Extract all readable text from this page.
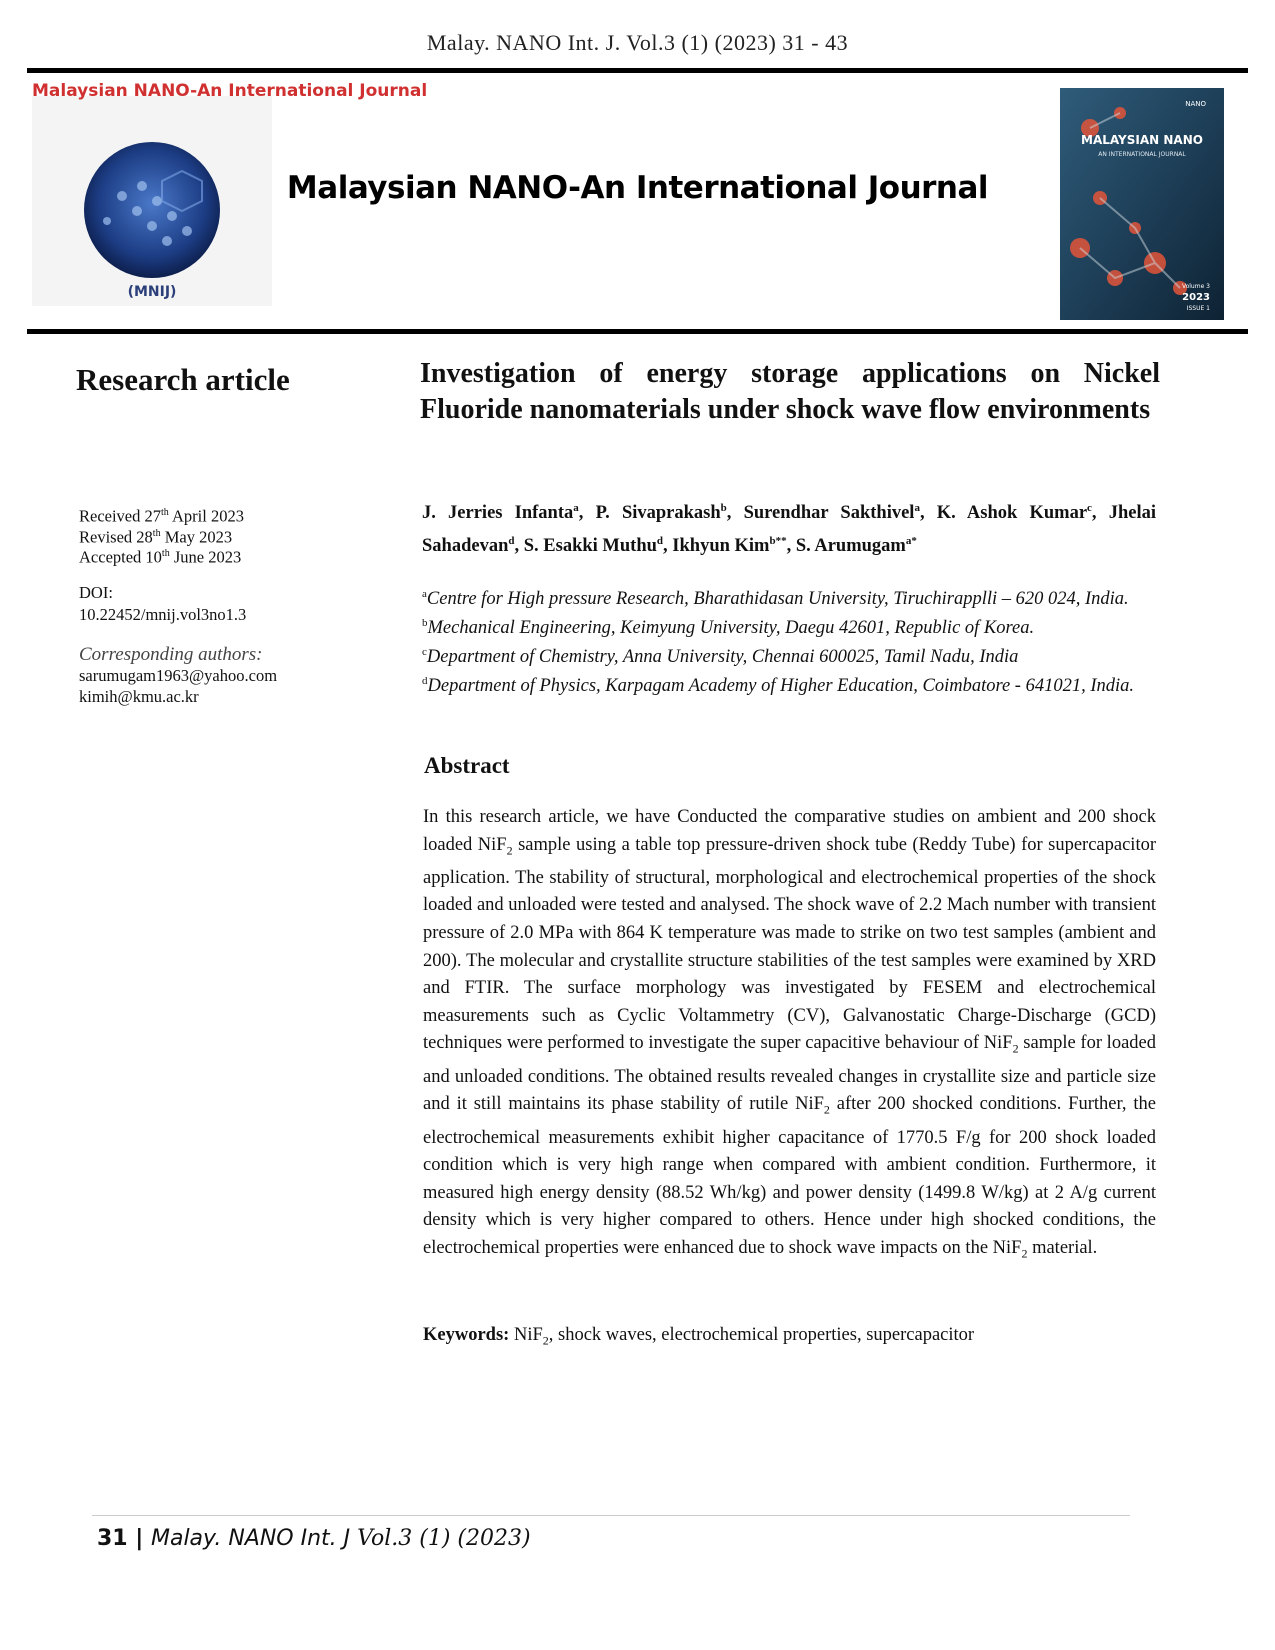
Malay. NANO Int. J. Vol.3 (1) (2023) 31 - 43
Malaysian NANO-An International Journal
(MNIJ)
Malaysian NANO-An International Journal
NANO
MALAYSIAN NANO
AN INTERNATIONAL JOURNAL
Volume 3
2023
ISSUE 1
Research article
Received 27th April 2023
Revised 28th May 2023
Accepted 10th June 2023
DOI:
10.22452/mnij.vol3no1.3
Corresponding authors:
sarumugam1963@yahoo.com
kimih@kmu.ac.kr
Investigation of energy storage applications on Nickel Fluoride nanomaterials under shock wave flow environments
J. Jerries Infanta$^a$, P. Sivaprakash$^b$, Surendhar Sakthivel$^a$, K. Ashok Kumar$^c$, Jhelai Sahadevan$^d$, S. Esakki Muthu$^d$, Ikhyun Kim$^{b**}$, S. Arumugam$^{a*}$
$^a$Centre for High pressure Research, Bharathidasan University, Tiruchirapplli – 620 024, India.
$^b$Mechanical Engineering, Keimyung University, Daegu 42601, Republic of Korea.
$^c$Department of Chemistry, Anna University, Chennai 600025, Tamil Nadu, India
$^d$Department of Physics, Karpagam Academy of Higher Education, Coimbatore - 641021, India.
Abstract
In this research article, we have Conducted the comparative studies on ambient and 200 shock loaded NiF$_2$ sample using a table top pressure-driven shock tube (Reddy Tube) for supercapacitor application. The stability of structural, morphological and electrochemical properties of the shock loaded and unloaded were tested and analysed. The shock wave of 2.2 Mach number with transient pressure of 2.0 MPa with 864 K temperature was made to strike on two test samples (ambient and 200). The molecular and crystallite structure stabilities of the test samples were examined by XRD and FTIR. The surface morphology was investigated by FESEM and electrochemical measurements such as Cyclic Voltammetry (CV), Galvanostatic Charge-Discharge (GCD) techniques were performed to investigate the super capacitive behaviour of NiF$_2$ sample for loaded and unloaded conditions. The obtained results revealed changes in crystallite size and particle size and it still maintains its phase stability of rutile NiF$_2$ after 200 shocked conditions. Further, the electrochemical measurements exhibit higher capacitance of 1770.5 F/g for 200 shock loaded condition which is very high range when compared with ambient condition. Furthermore, it measured high energy density (88.52 Wh/kg) and power density (1499.8 W/kg) at 2 A/g current density which is very higher compared to others. Hence under high shocked conditions, the electrochemical properties were enhanced due to shock wave impacts on the NiF$_2$ material.
Keywords: NiF$_2$, shock waves, electrochemical properties, supercapacitor
31 | Malay. NANO Int. J Vol.3 (1) (2023)
